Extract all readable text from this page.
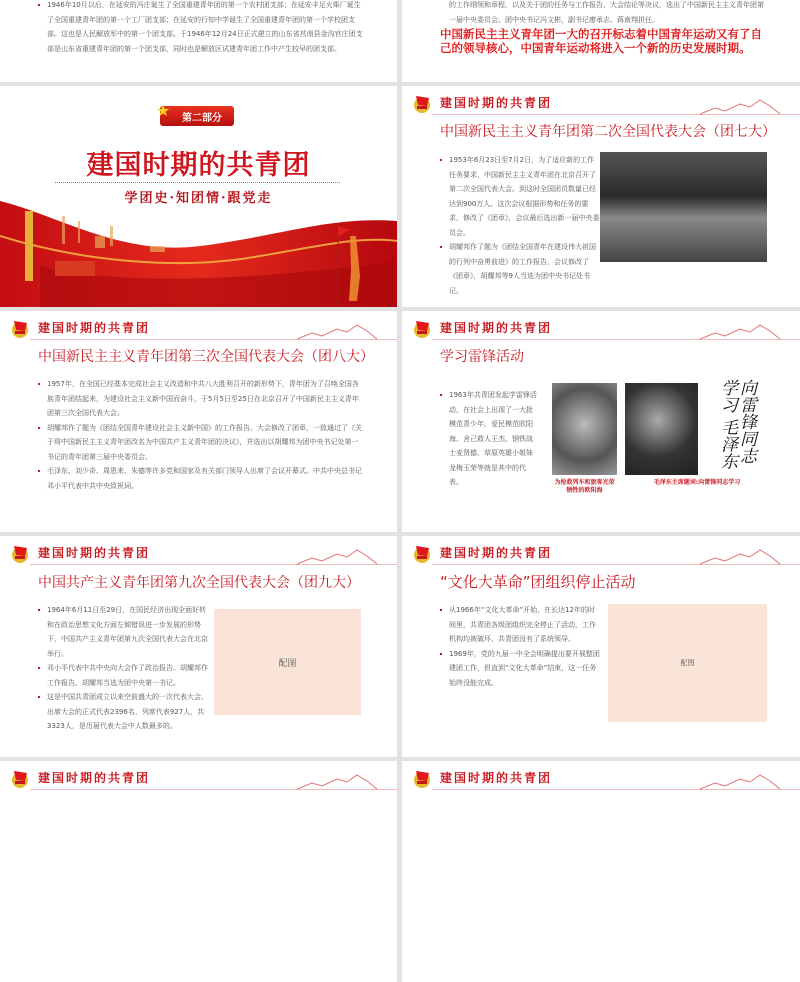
1946年10月以后，在延安的冯庄诞生了全国重建青年团的第一个农村团支部；在延安丰足火柴厂诞生了全国重建青年团的第一个工厂团支部；在延安的行知中学诞生了全国重建青年团的第一个学校团支部。这也是人民解放军中的第一个团支部。于1946年12月24日正式建立的山东省莒南县金沟官庄团支部是山东省重建青年团的第一个团支部，同时也是解放区试建青年团工作中产生较早的团支部。
的工作纲领和章程，以及关于团的任务与工作报告、大会结论等决议，选出了中国新民主主义青年团第一届中央委员会。团中央书记冯文彬，副书记廖承志、蒋南翔担任。
中国新民主主义青年团一大的召开标志着中国青年运动又有了自己的领导核心，中国青年运动将进入一个新的历史发展时期。
★ 第二部分
建国时期的共青团
学团史·知团情·跟党走
建国时期的共青团
中国新民主主义青年团第二次全国代表大会（团七大）
1953年6月23日至7月2日，为了适应新的工作任务要求，中国新民主主义青年团在北京召开了第二次全国代表大会。到这时全国团员数量已经达到900万人。这次会议根据形势和任务的要求，修改了《团章》，会议最后选出新一届中央委员会。
胡耀邦作了题为《团结全国青年在建设伟大祖国的行列中奋勇前进》的工作报告，会议修改了《团章》，胡耀邦等9人当选为团中央书记处书记。
建国时期的共青团
中国新民主主义青年团第三次全国代表大会（团八大）
1957年，在全国已经基本完成社会主义改造和中共八大胜利召开的新形势下，青年团为了召唤全国各族青年团结起来，为建设社会主义新中国而奋斗，于5月5日至25日在北京召开了中国新民主主义青年团第三次全国代表大会。
胡耀邦作了题为《团结全国青年建设社会主义新中国》的工作报告。大会修改了团章，一致通过了《关于将中国新民主主义青年团改名为中国共产主义青年团的决议》，并选出以胡耀邦为团中央书记处第一书记的青年团第三届中央委员会。
毛泽东、刘少奇、周恩来、朱德等许多党和国家及有关部门领导人出席了会议开幕式。中共中央总书记邓小平代表中共中央致祝词。
建国时期的共青团
学习雷锋活动
1963年共青团发起学雷锋活动，在社会上出现了一大批模范青少年，爱民模范欧阳海、舍己救人王杰、钢铁战士麦贤德、草原英雄小姐妹龙梅玉荣等就是其中的代表。
向雷锋同志学习 毛泽东
为抢救列车和旅客光荣牺牲的欧阳海
毛泽东主席题词:向雷锋同志学习
建国时期的共青团
中国共产主义青年团第九次全国代表大会（团九大）
1964年6月11日至29日，在国民经济出现全面好转和在政治思想文化方面左倾错误进一步发展的形势下，中国共产主义青年团第九次全国代表大会在北京举行。
邓小平代表中共中央向大会作了政治报告。胡耀邦作工作报告。胡耀邦当选为团中央第一书记。
这是中国共青团成立以来空前盛大的一次代表大会。出席大会的正式代表2396名、列席代表927人，共3323人，是历届代表大会中人数最多的。
配图
建国时期的共青团
“文化大革命”团组织停止活动
从1966年“文化大革命”开始，在长达12年的时间里，共青团各级团组织完全停止了活动，工作机构均被破坏，共青团没有了系统领导。
1969年，党的九届一中全会明确提出要开展整团建团工作，但直到“文化大革命”结束，这一任务始终没能完成。
配图
建国时期的共青团	建国时期的共青团
